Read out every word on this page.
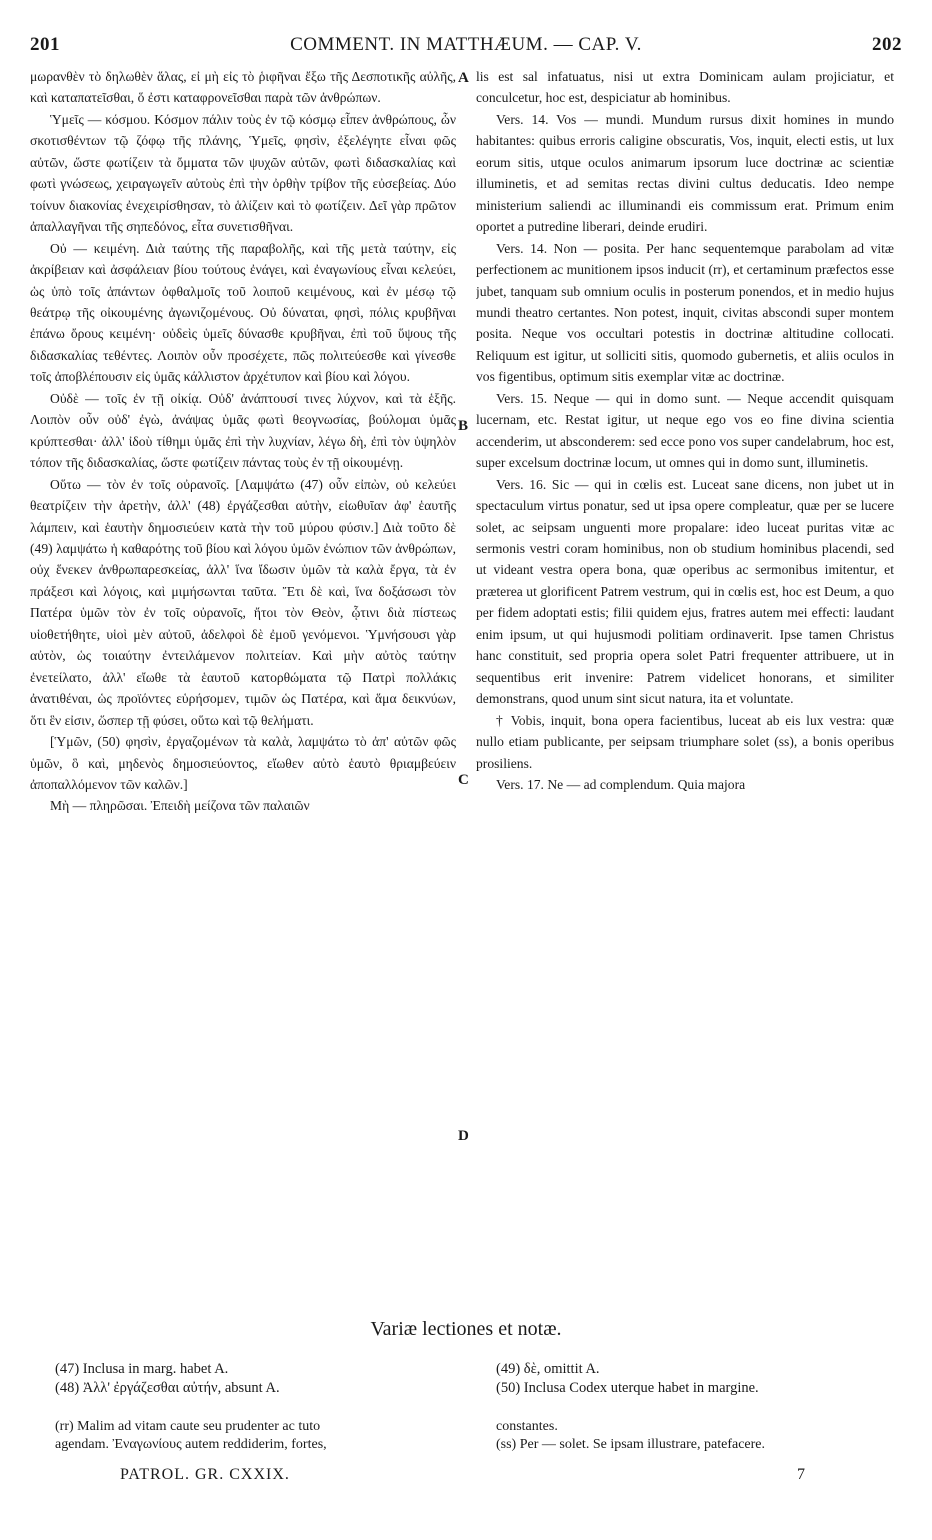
201	COMMENT. IN MATTHÆUM. — CAP. V.	202

μωρανθὲν τὸ δηλωθὲν ἅλας, εἰ μὴ εἰς τὸ ῥιφῆναι ἔξω τῆς Δεσποτικῆς αὐλῆς, καὶ καταπατεῖσθαι, ὅ ἐστι καταφρονεῖσθαι παρὰ τῶν ἀνθρώπων.

Ὑμεῖς — κόσμου. Κόσμον πάλιν τοὺς ἐν τῷ κόσμῳ εἶπεν ἀνθρώπους, ὧν σκοτισθέντων τῷ ζόφῳ τῆς πλάνης, Ὑμεῖς, φησὶν, ἐξελέγητε εἶναι φῶς αὐτῶν, ὥστε φωτίζειν τὰ ὄμματα τῶν ψυχῶν αὐτῶν, φωτὶ διδασκαλίας καὶ φωτὶ γνώσεως, χειραγωγεῖν αὐτοὺς ἐπὶ τὴν ὀρθὴν τρίβον τῆς εὐσεβείας. Δύο τοίνυν διακονίας ἐνεχειρίσθησαν, τὸ ἁλίζειν καὶ τὸ φωτίζειν. Δεῖ γὰρ πρῶτον ἀπαλλαγῆναι τῆς σηπεδόνος, εἶτα συνετισθῆναι.

Οὐ — κειμένη. Διὰ ταύτης τῆς παραβολῆς, καὶ τῆς μετὰ ταύτην, εἰς ἀκρίβειαν καὶ ἀσφάλειαν βίου τούτους ἐνάγει, καὶ ἐναγωνίους εἶναι κελεύει, ὡς ὑπὸ τοῖς ἁπάντων ὀφθαλμοῖς τοῦ λοιποῦ κειμένους, καὶ ἐν μέσῳ τῷ θεάτρῳ τῆς οἰκουμένης ἀγωνιζομένους. Οὐ δύναται, φησὶ, πόλις κρυβῆναι ἐπάνω ὄρους κειμένη· οὐδεὶς ὑμεῖς δύνασθε κρυβῆναι, ἐπὶ τοῦ ὕψους τῆς διδασκαλίας τεθέντες. Λοιπὸν οὖν προσέχετε, πῶς πολιτεύεσθε καὶ γίνεσθε τοῖς ἀποβλέπουσιν εἰς ὑμᾶς κάλλιστον ἀρχέτυπον καὶ βίου καὶ λόγου.

Οὐδὲ — τοῖς ἐν τῇ οἰκίᾳ. Οὐδ' ἀνάπτουσί τινες λύχνον, καὶ τὰ ἑξῆς. Λοιπὸν οὖν οὐδ' ἐγὼ, ἀνάψας ὑμᾶς φωτὶ θεογνωσίας, βούλομαι ὑμᾶς κρύπτεσθαι· ἀλλ' ἰδοὺ τίθημι ὑμᾶς ἐπὶ τὴν λυχνίαν, λέγω δὴ, ἐπὶ τὸν ὑψηλὸν τόπον τῆς διδασκαλίας, ὥστε φωτίζειν πάντας τοὺς ἐν τῇ οἰκουμένῃ.

Οὕτω — τὸν ἐν τοῖς οὐρανοῖς. [Λαμψάτω (47) οὖν εἰπὼν, οὐ κελεύει θεατρίζειν τὴν ἀρετὴν, ἀλλ' (48) ἐργάζεσθαι αὐτὴν, εἰωθυῖαν ἀφ' ἑαυτῆς λάμπειν, καὶ ἑαυτὴν δημοσιεύειν κατὰ τὴν τοῦ μύρου φύσιν.] Διὰ τοῦτο δὲ (49) λαμψάτω ἡ καθαρότης τοῦ βίου καὶ λόγου ὑμῶν ἐνώπιον τῶν ἀνθρώπων, οὐχ ἕνεκεν ἀνθρωπαρεσκείας, ἀλλ' ἵνα ἴδωσιν ὑμῶν τὰ καλὰ ἔργα, τὰ ἐν πράξεσι καὶ λόγοις, καὶ μιμήσωνται ταῦτα. Ἔτι δὲ καὶ, ἵνα δοξάσωσι τὸν Πατέρα ὑμῶν τὸν ἐν τοῖς οὐρανοῖς, ἤτοι τὸν Θεὸν, ᾧτινι διὰ πίστεως υἱοθετήθητε, υἱοὶ μὲν αὐτοῦ, ἀδελφοὶ δὲ ἐμοῦ γενόμενοι. Ὑμνήσουσι γὰρ αὐτὸν, ὡς τοιαύτην ἐντειλάμενον πολιτείαν. Καὶ μὴν αὐτὸς ταύτην ἐνετείλατο, ἀλλ' εἴωθε τὰ ἑαυτοῦ κατορθώματα τῷ Πατρὶ πολλάκις ἀνατιθέναι, ὡς προϊόντες εὑρήσομεν, τιμῶν ὡς Πατέρα, καὶ ἅμα δεικνύων, ὅτι ἓν εἰσιν, ὥσπερ τῇ φύσει, οὕτω καὶ τῷ θελήματι.

[Ὑμῶν, (50) φησὶν, ἐργαζομένων τὰ καλὰ, λαμψάτω τὸ ἀπ' αὐτῶν φῶς ὑμῶν, ὃ καὶ, μηδενὸς δημοσιεύοντος, εἴωθεν αὐτὸ ἑαυτὸ θριαμβεύειν ἀποπαλλόμενον τῶν καλῶν.]

Μὴ — πληρῶσαι. Ἐπειδὴ μείζονα τῶν παλαιῶν

A
B
C
D

lis est sal infatuatus, nisi ut extra Dominicam aulam projiciatur, et conculcetur, hoc est, despiciatur ab hominibus.

Vers. 14. Vos — mundi. Mundum rursus dixit homines in mundo habitantes: quibus erroris caligine obscuratis, Vos, inquit, electi estis, ut lux eorum sitis, utque oculos animarum ipsorum luce doctrinæ ac scientiæ illuminetis, et ad semitas rectas divini cultus deducatis. Ideo nempe ministerium saliendi ac illuminandi eis commissum erat. Primum enim oportet a putredine liberari, deinde erudiri.

Vers. 14. Non — posita. Per hanc sequentemque parabolam ad vitæ perfectionem ac munitionem ipsos inducit (rr), et certaminum præfectos esse jubet, tanquam sub omnium oculis in posterum ponendos, et in medio hujus mundi theatro certantes. Non potest, inquit, civitas abscondi super montem posita. Neque vos occultari potestis in doctrinæ altitudine collocati. Reliquum est igitur, ut solliciti sitis, quomodo gubernetis, et aliis oculos in vos figentibus, optimum sitis exemplar vitæ ac doctrinæ.

Vers. 15. Neque — qui in domo sunt. — Neque accendit quisquam lucernam, etc. Restat igitur, ut neque ego vos eo fine divina scientia accenderim, ut absconderem: sed ecce pono vos super candelabrum, hoc est, super excelsum doctrinæ locum, ut omnes qui in domo sunt, illuminetis.

Vers. 16. Sic — qui in cœlis est. Luceat sane dicens, non jubet ut in spectaculum virtus ponatur, sed ut ipsa opere compleatur, quæ per se lucere solet, ac seipsam unguenti more propalare: ideo luceat puritas vitæ ac sermonis vestri coram hominibus, non ob studium hominibus placendi, sed ut videant vestra opera bona, quæ operibus ac sermonibus imitentur, et præterea ut glorificent Patrem vestrum, qui in cœlis est, hoc est Deum, a quo per fidem adoptati estis; filii quidem ejus, fratres autem mei effecti: laudant enim ipsum, ut qui hujusmodi politiam ordinaverit. Ipse tamen Christus hanc constituit, sed propria opera solet Patri frequenter attribuere, ut in sequentibus erit invenire: Patrem videlicet honorans, et similiter demonstrans, quod unum sint sicut natura, ita et voluntate.

† Vobis, inquit, bona opera facientibus, luceat ab eis lux vestra: quæ nullo etiam publicante, per seipsam triumphare solet (ss), a bonis operibus prosiliens.

Vers. 17. Ne — ad complendum. Quia majora

Variæ lectiones et notæ.
(47) Inclusa in marg. habet A.
(48) Ἀλλ' ἐργάζεσθαι αὐτήν, absunt A.
(49) δὲ, omittit A.
(50) Inclusa Codex uterque habet in margine.
(rr) Malim ad vitam caute seu prudenter ac tuto
agendam. Ἐναγωνίους autem reddiderim, fortes,
constantes.
(ss) Per — solet. Se ipsam illustrare, patefacere.
PATROL. GR. CXXIX.	7
